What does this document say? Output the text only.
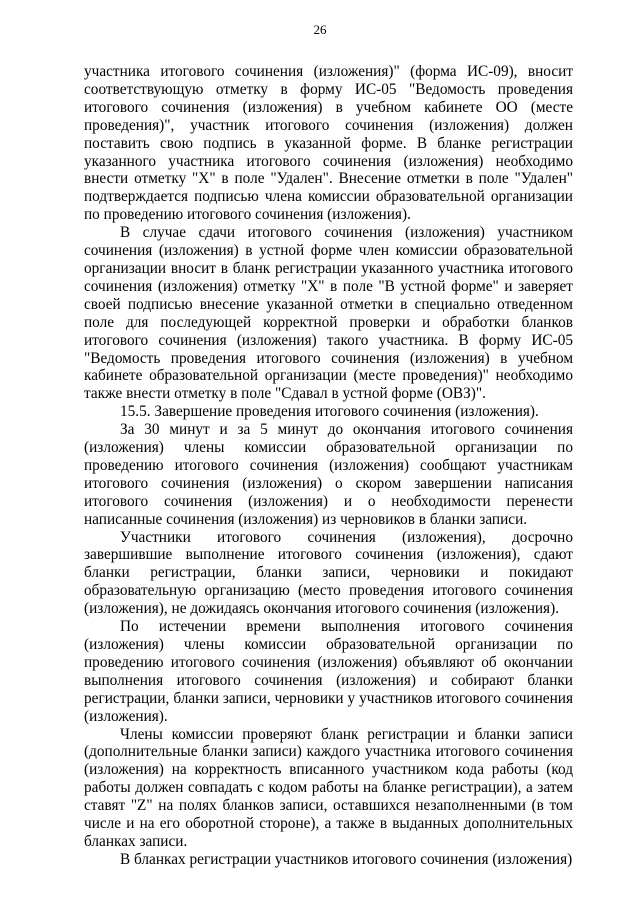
26

участника итогового сочинения (изложения)" (форма ИС-09), вносит соответствующую отметку в форму ИС-05 "Ведомость проведения итогового сочинения (изложения) в учебном кабинете ОО (месте проведения)", участник итогового сочинения (изложения) должен поставить свою подпись в указанной форме. В бланке регистрации указанного участника итогового сочинения (изложения) необходимо внести отметку "X" в поле "Удален". Внесение отметки в поле "Удален" подтверждается подписью члена комиссии образовательной организации по проведению итогового сочинения (изложения).

В случае сдачи итогового сочинения (изложения) участником сочинения (изложения) в устной форме член комиссии образовательной организации вносит в бланк регистрации указанного участника итогового сочинения (изложения) отметку "X" в поле "В устной форме" и заверяет своей подписью внесение указанной отметки в специально отведенном поле для последующей корректной проверки и обработки бланков итогового сочинения (изложения) такого участника. В форму ИС-05 "Ведомость проведения итогового сочинения (изложения) в учебном кабинете образовательной организации (месте проведения)" необходимо также внести отметку в поле "Сдавал в устной форме (ОВЗ)".

15.5. Завершение проведения итогового сочинения (изложения).

За 30 минут и за 5 минут до окончания итогового сочинения (изложения) члены комиссии образовательной организации по проведению итогового сочинения (изложения) сообщают участникам итогового сочинения (изложения) о скором завершении написания итогового сочинения (изложения) и о необходимости перенести написанные сочинения (изложения) из черновиков в бланки записи.

Участники итогового сочинения (изложения), досрочно завершившие выполнение итогового сочинения (изложения), сдают бланки регистрации, бланки записи, черновики и покидают образовательную организацию (место проведения итогового сочинения (изложения), не дожидаясь окончания итогового сочинения (изложения).

По истечении времени выполнения итогового сочинения (изложения) члены комиссии образовательной организации по проведению итогового сочинения (изложения) объявляют об окончании выполнения итогового сочинения (изложения) и собирают бланки регистрации, бланки записи, черновики у участников итогового сочинения (изложения).

Члены комиссии проверяют бланк регистрации и бланки записи (дополнительные бланки записи) каждого участника итогового сочинения (изложения) на корректность вписанного участником кода работы (код работы должен совпадать с кодом работы на бланке регистрации), а затем ставят "Z" на полях бланков записи, оставшихся незаполненными (в том числе и на его оборотной стороне), а также в выданных дополнительных бланках записи.

В бланках регистрации участников итогового сочинения (изложения)
